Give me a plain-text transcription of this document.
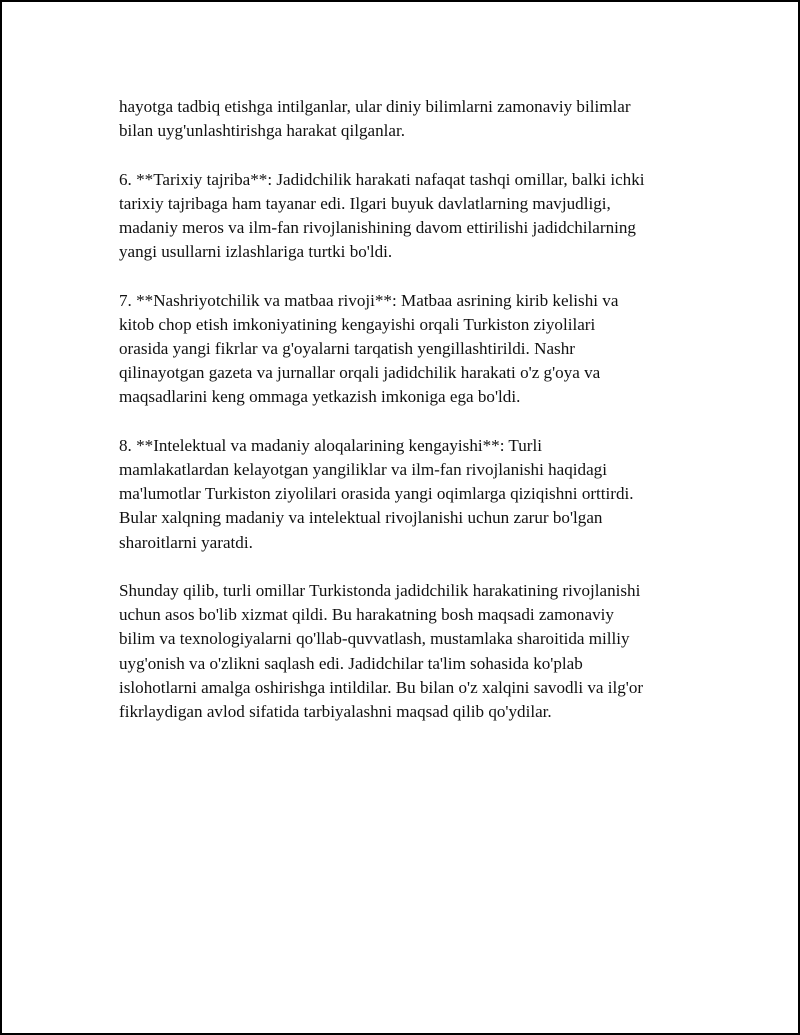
hayotga tadbiq etishga intilganlar, ular diniy bilimlarni zamonaviy bilimlar
bilan uyg'unlashtirishga harakat qilganlar.

6. **Tarixiy tajriba**: Jadidchilik harakati nafaqat tashqi omillar, balki ichki
tarixiy tajribaga ham tayanar edi. Ilgari buyuk davlatlarning mavjudligi,
madaniy meros va ilm-fan rivojlanishining davom ettirilishi jadidchilarning
yangi usullarni izlashlariga turtki bo'ldi.

7. **Nashriyotchilik va matbaa rivoji**: Matbaa asrining kirib kelishi va
kitob chop etish imkoniyatining kengayishi orqali Turkiston ziyolilari
orasida yangi fikrlar va g'oyalarni tarqatish yengillashtirildi. Nashr
qilinayotgan gazeta va jurnallar orqali jadidchilik harakati o'z g'oya va
maqsadlarini keng ommaga yetkazish imkoniga ega bo'ldi.

8. **Intelektual va madaniy aloqalarining kengayishi**: Turli
mamlakatlardan kelayotgan yangiliklar va ilm-fan rivojlanishi haqidagi
ma'lumotlar Turkiston ziyolilari orasida yangi oqimlarga qiziqishni orttirdi.
Bular xalqning madaniy va intelektual rivojlanishi uchun zarur bo'lgan
sharoitlarni yaratdi.

Shunday qilib, turli omillar Turkistonda jadidchilik harakatining rivojlanishi
uchun asos bo'lib xizmat qildi. Bu harakatning bosh maqsadi zamonaviy
bilim va texnologiyalarni qo'llab-quvvatlash, mustamlaka sharoitida milliy
uyg'onish va o'zlikni saqlash edi. Jadidchilar ta'lim sohasida ko'plab
islohotlarni amalga oshirishga intildilar. Bu bilan o'z xalqini savodli va ilg'or
fikrlaydigan avlod sifatida tarbiyalashni maqsad qilib qo'ydilar.
